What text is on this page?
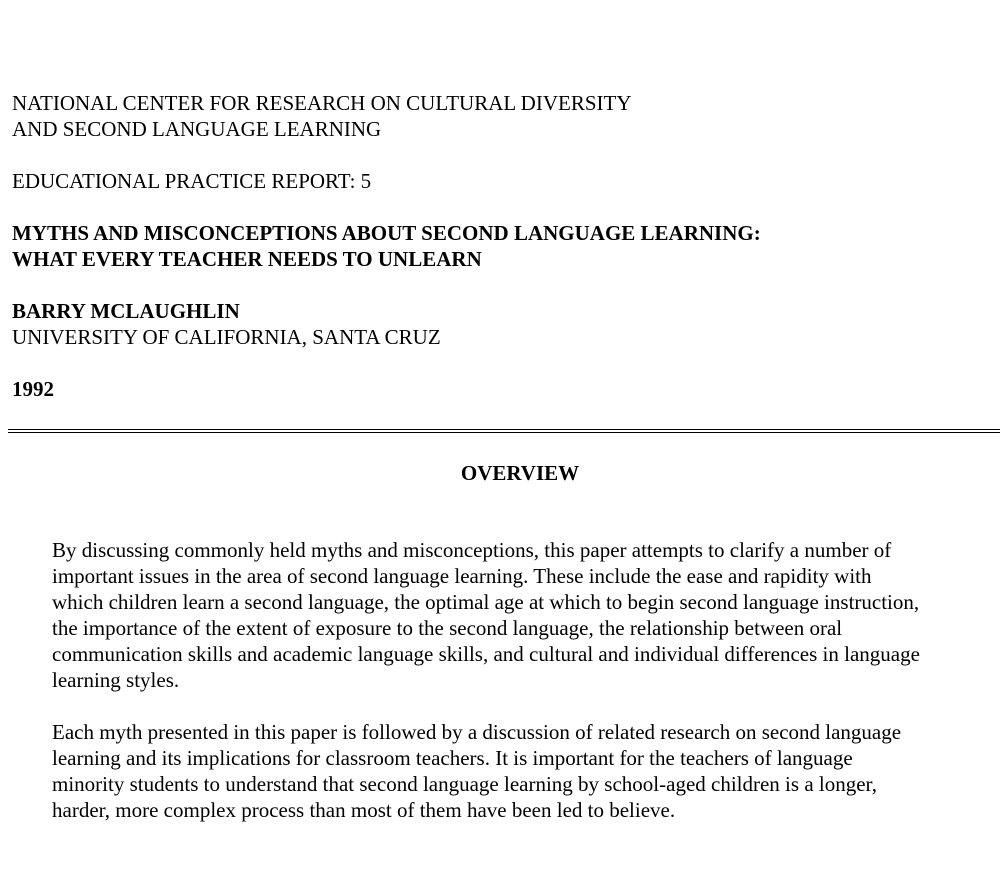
NATIONAL CENTER FOR RESEARCH ON CULTURAL DIVERSITY
AND SECOND LANGUAGE LEARNING
EDUCATIONAL PRACTICE REPORT: 5
MYTHS AND MISCONCEPTIONS ABOUT SECOND LANGUAGE LEARNING:
WHAT EVERY TEACHER NEEDS TO UNLEARN
BARRY MCLAUGHLIN
UNIVERSITY OF CALIFORNIA, SANTA CRUZ
1992
OVERVIEW

By discussing commonly held myths and misconceptions, this paper attempts to clarify a number of
important issues in the area of second language learning. These include the ease and rapidity with
which children learn a second language, the optimal age at which to begin second language instruction,
the importance of the extent of exposure to the second language, the relationship between oral
communication skills and academic language skills, and cultural and individual differences in language
learning styles.

Each myth presented in this paper is followed by a discussion of related research on second language
learning and its implications for classroom teachers. It is important for the teachers of language
minority students to understand that second language learning by school-aged children is a longer,
harder, more complex process than most of them have been led to believe.
